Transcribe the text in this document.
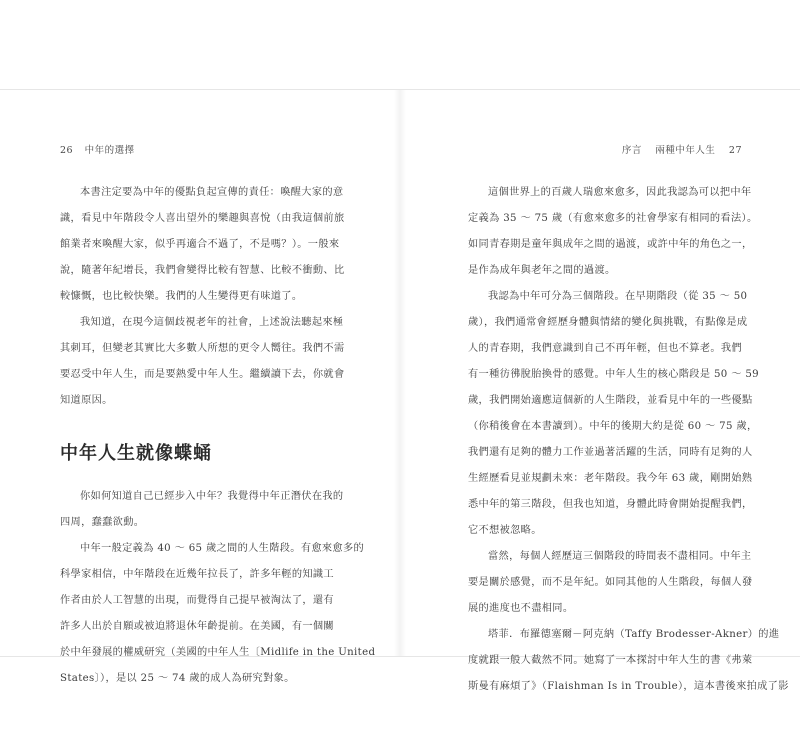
26 中年的選擇
本書注定要為中年的優點負起宣傳的責任：喚醒大家的意
識，看見中年階段令人喜出望外的樂趣與喜悅（由我這個前旅
館業者來喚醒大家，似乎再適合不過了，不是嗎？）。一般來
說，隨著年紀增長，我們會變得比較有智慧、比較不衝動、比
較慷慨，也比較快樂。我們的人生變得更有味道了。
我知道，在現今這個歧視老年的社會，上述說法聽起來極
其刺耳，但變老其實比大多數人所想的更令人嚮往。我們不需
要忍受中年人生，而是要熱愛中年人生。繼續讀下去，你就會
知道原因。
中年人生就像蝶蛹
你如何知道自己已經步入中年？我覺得中年正潛伏在我的
四周，蠢蠢欲動。
中年一般定義為 40 ～ 65 歲之間的人生階段。有愈來愈多的
科學家相信，中年階段在近幾年拉長了，許多年輕的知識工
作者由於人工智慧的出現，而覺得自己提早被淘汰了，還有
許多人出於自願或被迫將退休年齡提前。在美國，有一個關
於中年發展的權威研究（美國的中年人生〔Midlife in the United
States〕），是以 25 ～ 74 歲的成人為研究對象。
序言 兩種中年人生 27
這個世界上的百歲人瑞愈來愈多，因此我認為可以把中年
定義為 35 ～ 75 歲（有愈來愈多的社會學家有相同的看法）。
如同青春期是童年與成年之間的過渡，或許中年的角色之一，
是作為成年與老年之間的過渡。
我認為中年可分為三個階段。在早期階段（從 35 ～ 50
歲），我們通常會經歷身體與情緒的變化與挑戰，有點像是成
人的青春期，我們意識到自己不再年輕，但也不算老。我們
有一種彷彿脫胎換骨的感覺。中年人生的核心階段是 50 ～ 59
歲，我們開始適應這個新的人生階段，並看見中年的一些優點
（你稍後會在本書讀到）。中年的後期大約是從 60 ～ 75 歲，
我們還有足夠的體力工作並過著活躍的生活，同時有足夠的人
生經歷看見並規劃未來：老年階段。我今年 63 歲，剛開始熟
悉中年的第三階段，但我也知道，身體此時會開始提醒我們，
它不想被忽略。
當然，每個人經歷這三個階段的時間表不盡相同。中年主
要是關於感覺，而不是年紀。如同其他的人生階段，每個人發
展的進度也不盡相同。
塔菲．布羅德塞爾－阿克納（Taffy Brodesser-Akner）的進
度就跟一般人截然不同。她寫了一本探討中年人生的書《弗萊
斯曼有麻煩了》（Flaishman Is in Trouble），這本書後來拍成了影
